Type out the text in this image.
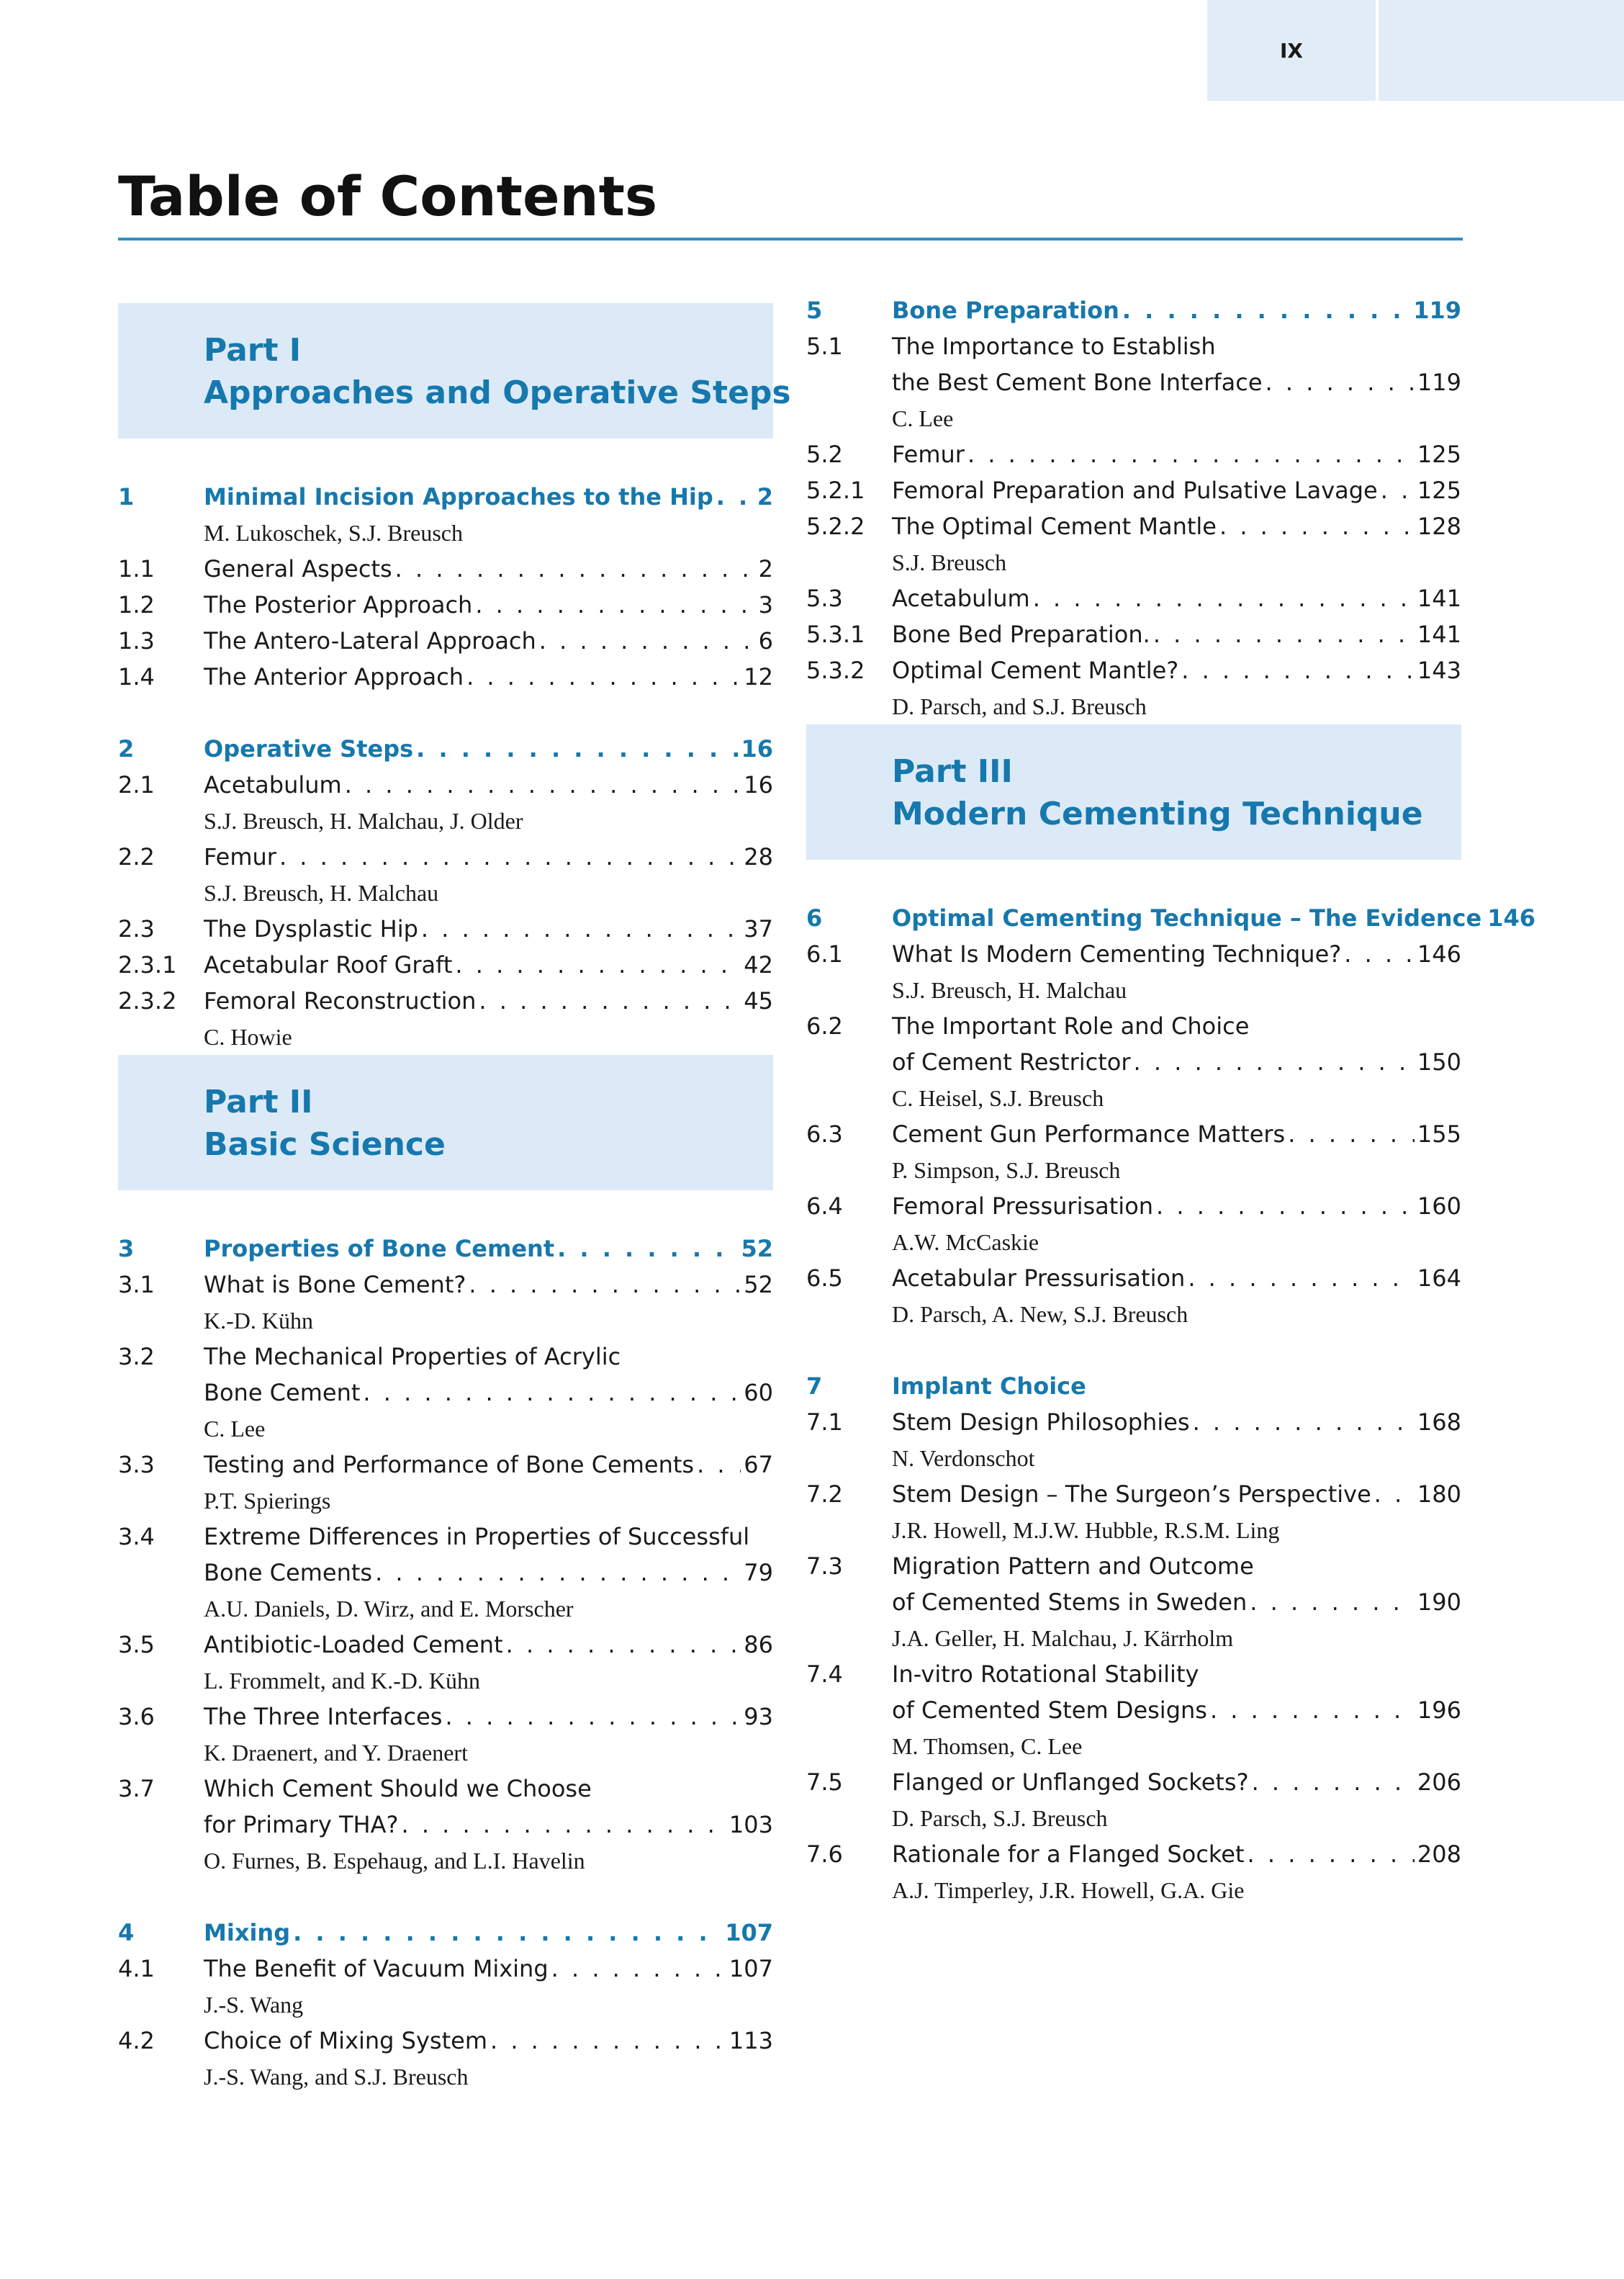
IX
Table of Contents
Part I
Approaches and Operative Steps
1	Minimal Incision Approaches to the Hip . . . 2
M. Lukoschek, S.J. Breusch
1.1	General Aspects . . .	2
1.2	The Posterior Approach . . .	3
1.3	The Antero-Lateral Approach . . .	6
1.4	The Anterior Approach . . .	12
2	Operative Steps . . .	16
2.1	Acetabulum . . .	16
S.J. Breusch, H. Malchau, J. Older
2.2	Femur . . .	28
S.J. Breusch, H. Malchau
2.3	The Dysplastic Hip . . .	37
2.3.1	Acetabular Roof Graft . . .	42
2.3.2	Femoral Reconstruction . . .	45
C. Howie
Part II
Basic Science
3	Properties of Bone Cement . . .	52
3.1	What is Bone Cement? . . .	52
K.-D. Kühn
3.2	The Mechanical Properties of Acrylic
Bone Cement . . .	60
C. Lee
3.3	Testing and Performance of Bone Cements . . . 67
P.T. Spierings
3.4	Extreme Differences in Properties of Successful
Bone Cements . . .	79
A.U. Daniels, D. Wirz, and E. Morscher
3.5	Antibiotic-Loaded Cement . . .	86
L. Frommelt, and K.-D. Kühn
3.6	The Three Interfaces . . .	93
K. Draenert, and Y. Draenert
3.7	Which Cement Should we Choose
for Primary THA? . . .	103
O. Furnes, B. Espehaug, and L.I. Havelin
4	Mixing . . .	107
4.1	The Benefit of Vacuum Mixing . . .	107
J.-S. Wang
4.2	Choice of Mixing System . . .	113
J.-S. Wang, and S.J. Breusch
5	Bone Preparation . . .	119
5.1	The Importance to Establish
the Best Cement Bone Interface . . .	119
C. Lee
5.2	Femur . . .	125
5.2.1	Femoral Preparation and Pulsative Lavage . . . 125
5.2.2	The Optimal Cement Mantle . . .	128
S.J. Breusch
5.3	Acetabulum . . .	141
5.3.1	Bone Bed Preparation. . . .	141
5.3.2	Optimal Cement Mantle? . . .	143
D. Parsch, and S.J. Breusch
Part III
Modern Cementing Technique
6	Optimal Cementing Technique – The Evidence 146
6.1	What Is Modern Cementing Technique? . . .	146
S.J. Breusch, H. Malchau
6.2	The Important Role and Choice
of Cement Restrictor . . .	150
C. Heisel, S.J. Breusch
6.3	Cement Gun Performance Matters . . .	155
P. Simpson, S.J. Breusch
6.4	Femoral Pressurisation . . .	160
A.W. McCaskie
6.5	Acetabular Pressurisation . . .	164
D. Parsch, A. New, S.J. Breusch
7	Implant Choice
7.1	Stem Design Philosophies . . .	168
N. Verdonschot
7.2	Stem Design – The Surgeon’s Perspective . . . 180
J.R. Howell, M.J.W. Hubble, R.S.M. Ling
7.3	Migration Pattern and Outcome
of Cemented Stems in Sweden . . .	190
J.A. Geller, H. Malchau, J. Kärrholm
7.4	In-vitro Rotational Stability
of Cemented Stem Designs . . .	196
M. Thomsen, C. Lee
7.5	Flanged or Unflanged Sockets? . . .	206
D. Parsch, S.J. Breusch
7.6	Rationale for a Flanged Socket . . .	208
A.J. Timperley, J.R. Howell, G.A. Gie
